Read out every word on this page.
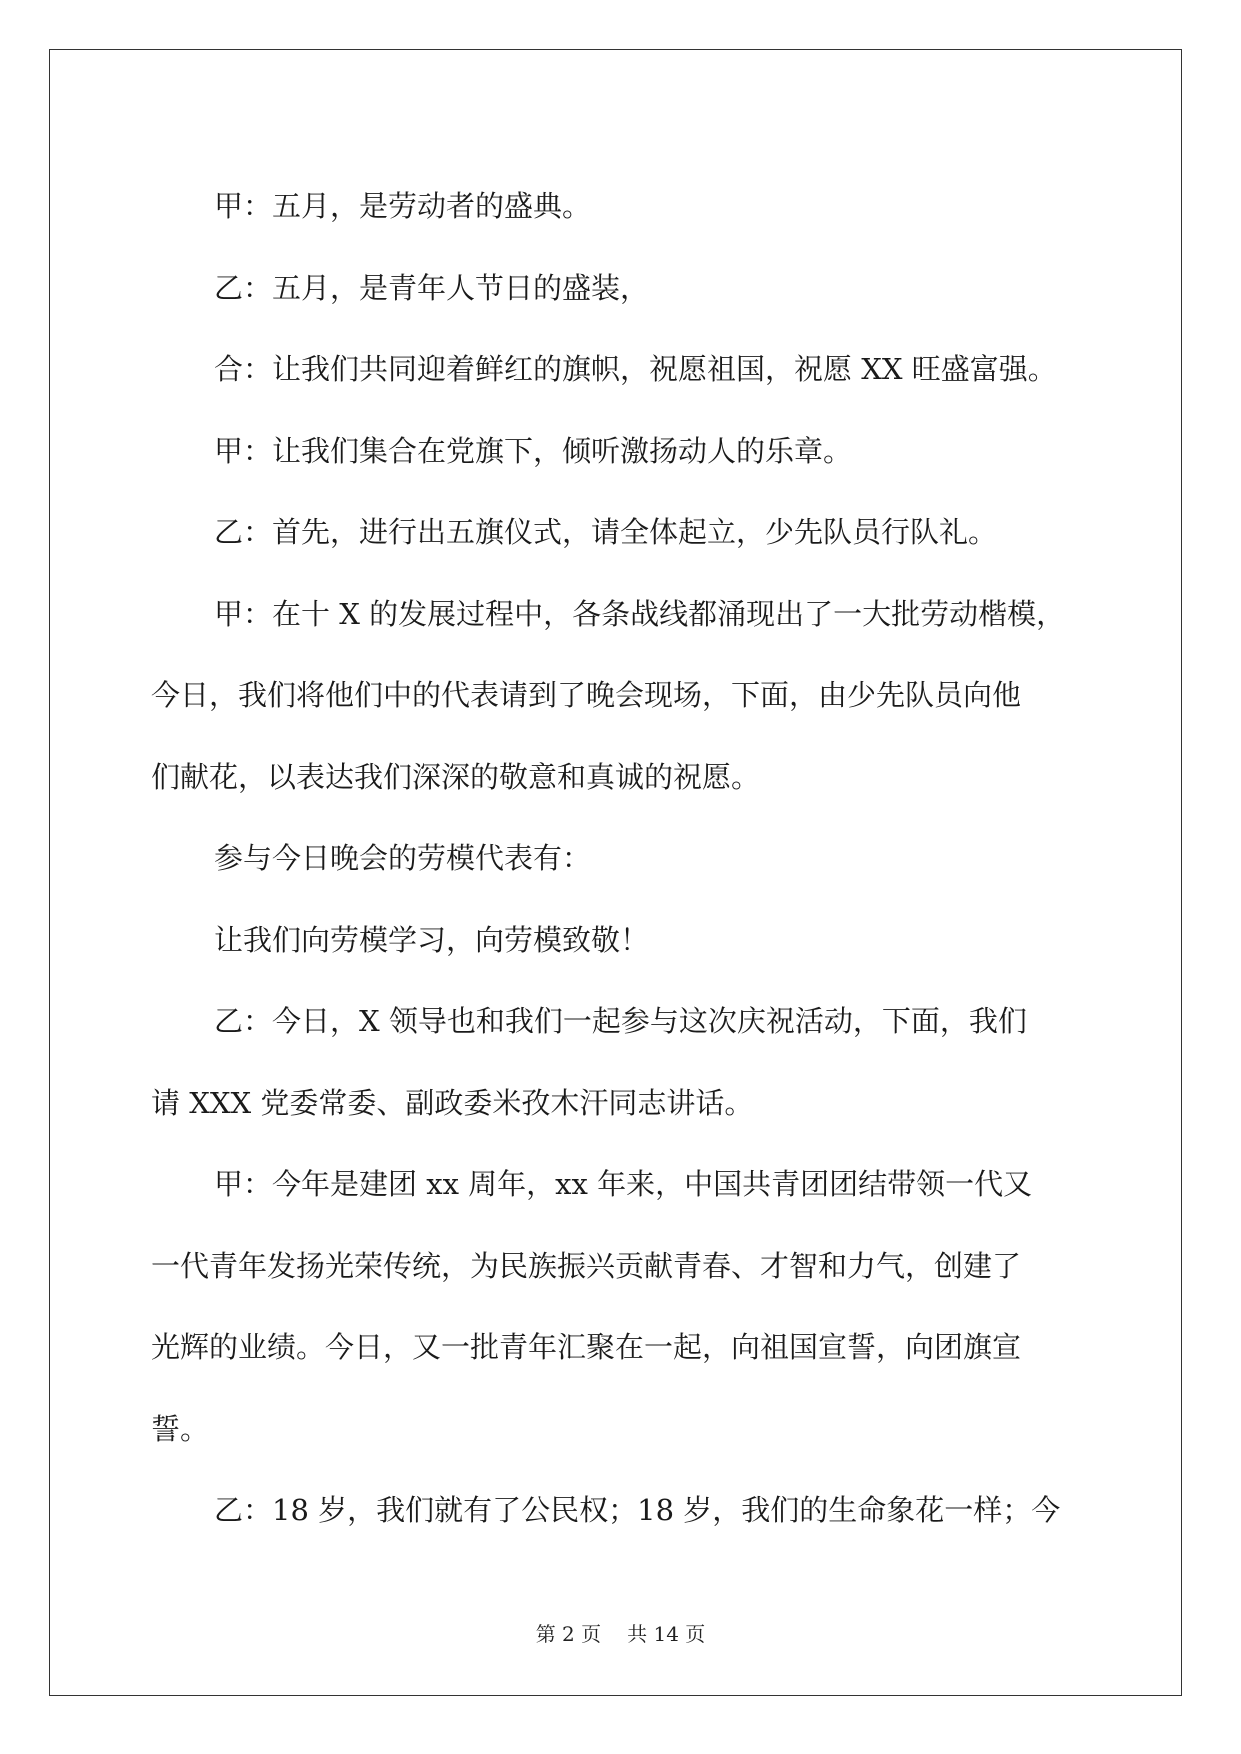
甲：五月，是劳动者的盛典。

乙：五月，是青年人节日的盛装，

合：让我们共同迎着鲜红的旗帜，祝愿祖国，祝愿 XX 旺盛富强。

甲：让我们集合在党旗下，倾听激扬动人的乐章。

乙：首先，进行出五旗仪式，请全体起立，少先队员行队礼。

甲：在十 X 的发展过程中，各条战线都涌现出了一大批劳动楷模，
今日，我们将他们中的代表请到了晚会现场，下面，由少先队员向他
们献花，以表达我们深深的敬意和真诚的祝愿。

参与今日晚会的劳模代表有：

让我们向劳模学习，向劳模致敬！

乙：今日，X 领导也和我们一起参与这次庆祝活动，下面，我们
请 XXX 党委常委、副政委米孜木汗同志讲话。

甲：今年是建团 xx 周年，xx 年来，中国共青团团结带领一代又
一代青年发扬光荣传统，为民族振兴贡献青春、才智和力气，创建了
光辉的业绩。今日，又一批青年汇聚在一起，向祖国宣誓，向团旗宣
誓。

乙：18 岁，我们就有了公民权；18 岁，我们的生命象花一样；今

第 2 页 共 14 页
